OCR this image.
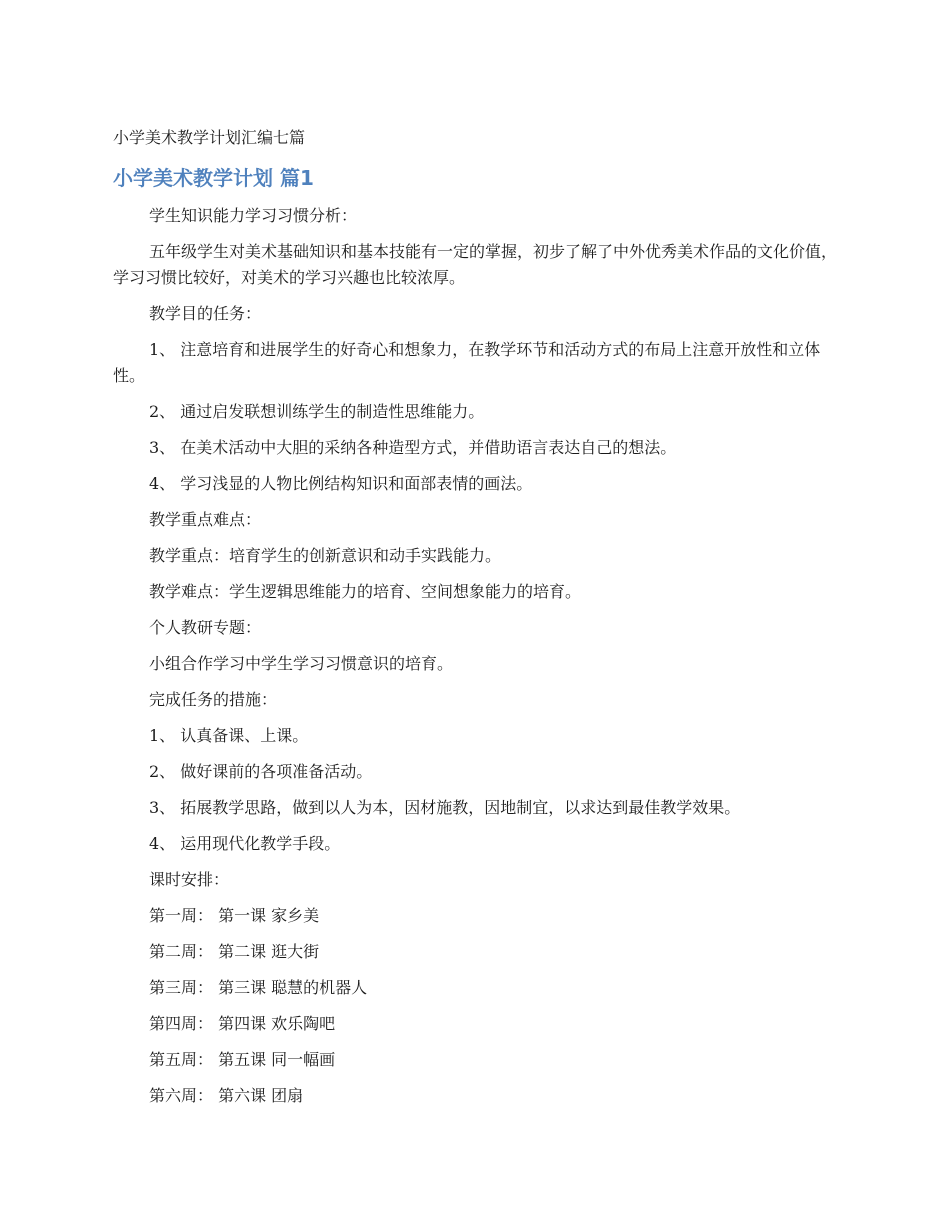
小学美术教学计划汇编七篇
小学美术教学计划 篇1

学生知识能力学习习惯分析：

五年级学生对美术基础知识和基本技能有一定的掌握，初步了解了中外优秀美术作品的文化价值，学习习惯比较好，对美术的学习兴趣也比较浓厚。

教学目的任务：

1、 注意培育和进展学生的好奇心和想象力，在教学环节和活动方式的布局上注意开放性和立体性。

2、 通过启发联想训练学生的制造性思维能力。

3、 在美术活动中大胆的采纳各种造型方式，并借助语言表达自己的想法。

4、 学习浅显的人物比例结构知识和面部表情的画法。

教学重点难点：

教学重点：培育学生的创新意识和动手实践能力。

教学难点：学生逻辑思维能力的培育、空间想象能力的培育。

个人教研专题：

小组合作学习中学生学习习惯意识的培育。

完成任务的措施：

1、 认真备课、上课。

2、 做好课前的各项准备活动。

3、 拓展教学思路，做到以人为本，因材施教，因地制宜，以求达到最佳教学效果。

4、 运用现代化教学手段。

课时安排：

第一周： 第一课 家乡美

第二周： 第二课 逛大街

第三周： 第三课 聪慧的机器人

第四周： 第四课 欢乐陶吧

第五周： 第五课 同一幅画

第六周： 第六课 团扇
